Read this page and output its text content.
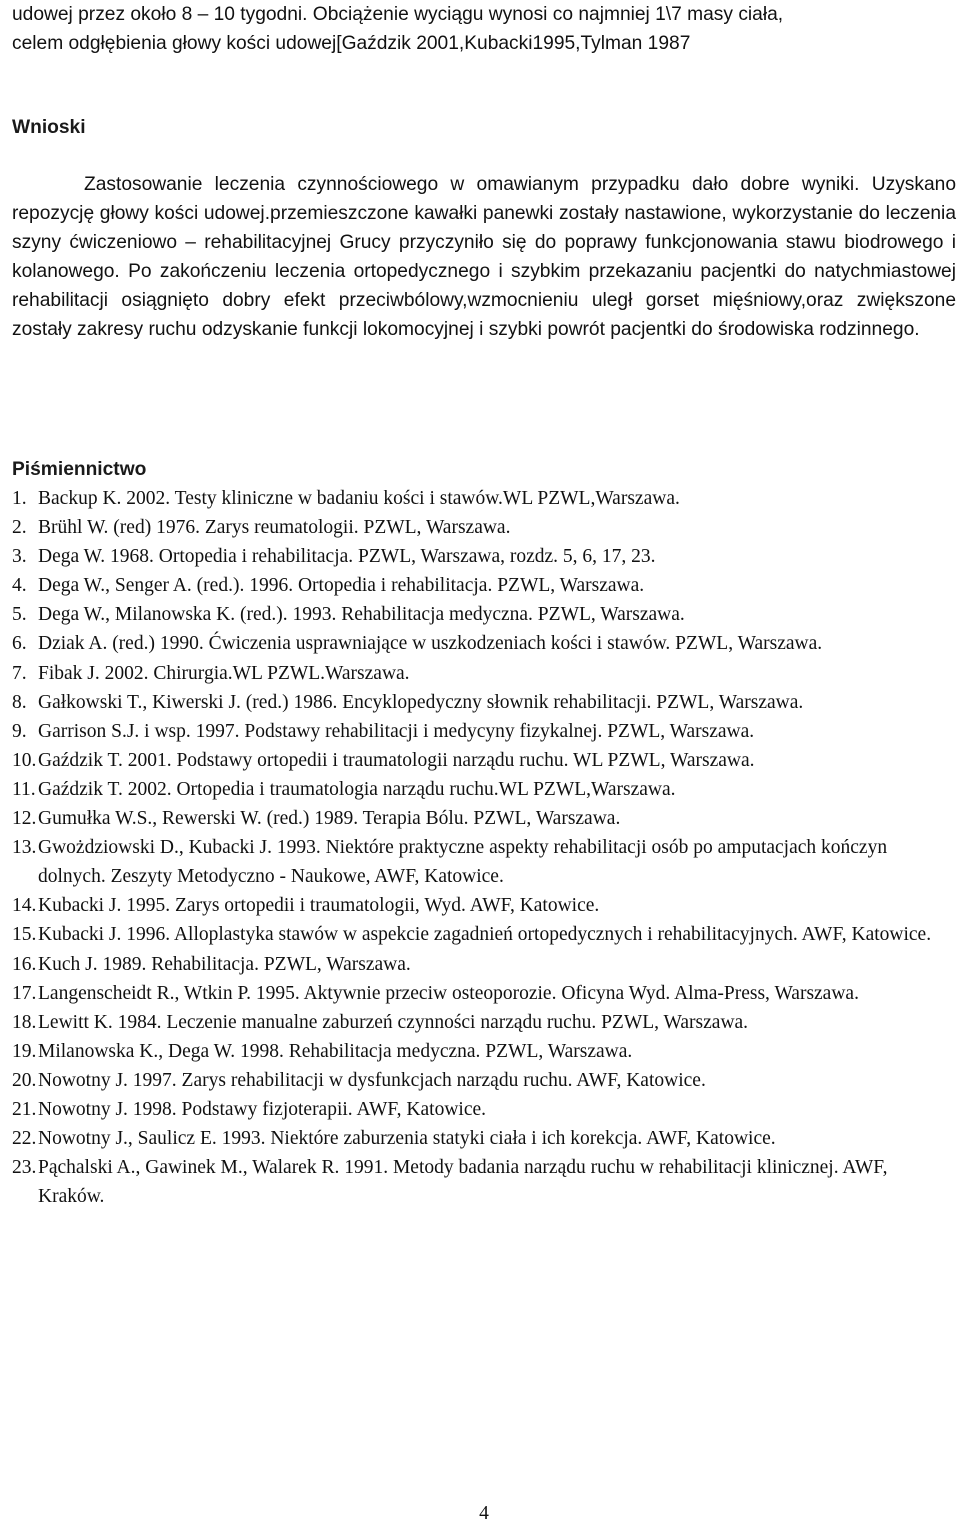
udowej przez około 8 – 10 tygodni. Obciążenie wyciągu wynosi co najmniej 1\7 masy ciała,
celem odgłębienia głowy kości udowej[Gaździk 2001,Kubacki1995,Tylman 1987
Wnioski

Zastosowanie leczenia czynnościowego w omawianym przypadku dało dobre wyniki. Uzyskano repozycję głowy kości udowej.przemieszczone kawałki panewki zostały nastawione, wykorzystanie do leczenia szyny ćwiczeniowo – rehabilitacyjnej Grucy przyczyniło się do poprawy funkcjonowania stawu biodrowego i kolanowego. Po zakończeniu leczenia ortopedycznego i szybkim przekazaniu pacjentki do natychmiastowej rehabilitacji osiągnięto dobry efekt przeciwbólowy,wzmocnieniu uległ gorset mięśniowy,oraz zwiększone zostały zakresy ruchu odzyskanie funkcji lokomocyjnej i szybki powrót pacjentki do środowiska rodzinnego.

Piśmiennictwo
1. Backup K. 2002. Testy kliniczne w badaniu kości i stawów.WL PZWL,Warszawa.
2. Brühl W. (red) 1976. Zarys reumatologii. PZWL, Warszawa.
3. Dega W. 1968. Ortopedia i rehabilitacja. PZWL, Warszawa, rozdz. 5, 6, 17, 23.
4. Dega W., Senger A. (red.). 1996. Ortopedia i rehabilitacja. PZWL, Warszawa.
5. Dega W., Milanowska K. (red.). 1993. Rehabilitacja medyczna. PZWL, Warszawa.
6. Dziak A. (red.) 1990. Ćwiczenia usprawniające w uszkodzeniach kości i stawów. PZWL, Warszawa.
7. Fibak J. 2002. Chirurgia.WL PZWL.Warszawa.
8. Gałkowski T., Kiwerski J. (red.) 1986. Encyklopedyczny słownik rehabilitacji. PZWL, Warszawa.
9. Garrison S.J. i wsp. 1997. Podstawy rehabilitacji i medycyny fizykalnej. PZWL, Warszawa.
10. Gaździk T. 2001. Podstawy ortopedii i traumatologii narządu ruchu. WL PZWL, Warszawa.
11. Gaździk T. 2002. Ortopedia i traumatologia narządu ruchu.WL PZWL,Warszawa.
12. Gumułka W.S., Rewerski W. (red.) 1989. Terapia Bólu. PZWL, Warszawa.
13. Gwożdziowski D., Kubacki J. 1993. Niektóre praktyczne aspekty rehabilitacji osób po amputacjach kończyn dolnych. Zeszyty Metodyczno - Naukowe, AWF, Katowice.
14. Kubacki J. 1995. Zarys ortopedii i traumatologii, Wyd. AWF, Katowice.
15. Kubacki J. 1996. Alloplastyka stawów w aspekcie zagadnień ortopedycznych i rehabilitacyjnych. AWF, Katowice.
16. Kuch J. 1989. Rehabilitacja. PZWL, Warszawa.
17. Langenscheidt R., Wtkin P. 1995. Aktywnie przeciw osteoporozie. Oficyna Wyd. Alma-Press, Warszawa.
18. Lewitt K. 1984. Leczenie manualne zaburzeń czynności narządu ruchu. PZWL, Warszawa.
19. Milanowska K., Dega W. 1998. Rehabilitacja medyczna. PZWL, Warszawa.
20. Nowotny J. 1997. Zarys rehabilitacji w dysfunkcjach narządu ruchu. AWF, Katowice.
21. Nowotny J. 1998. Podstawy fizjoterapii. AWF, Katowice.
22. Nowotny J., Saulicz E. 1993. Niektóre zaburzenia statyki ciała i ich korekcja. AWF, Katowice.
23. Pąchalski A., Gawinek M., Walarek R. 1991. Metody badania narządu ruchu w rehabilitacji klinicznej. AWF, Kraków.

4
